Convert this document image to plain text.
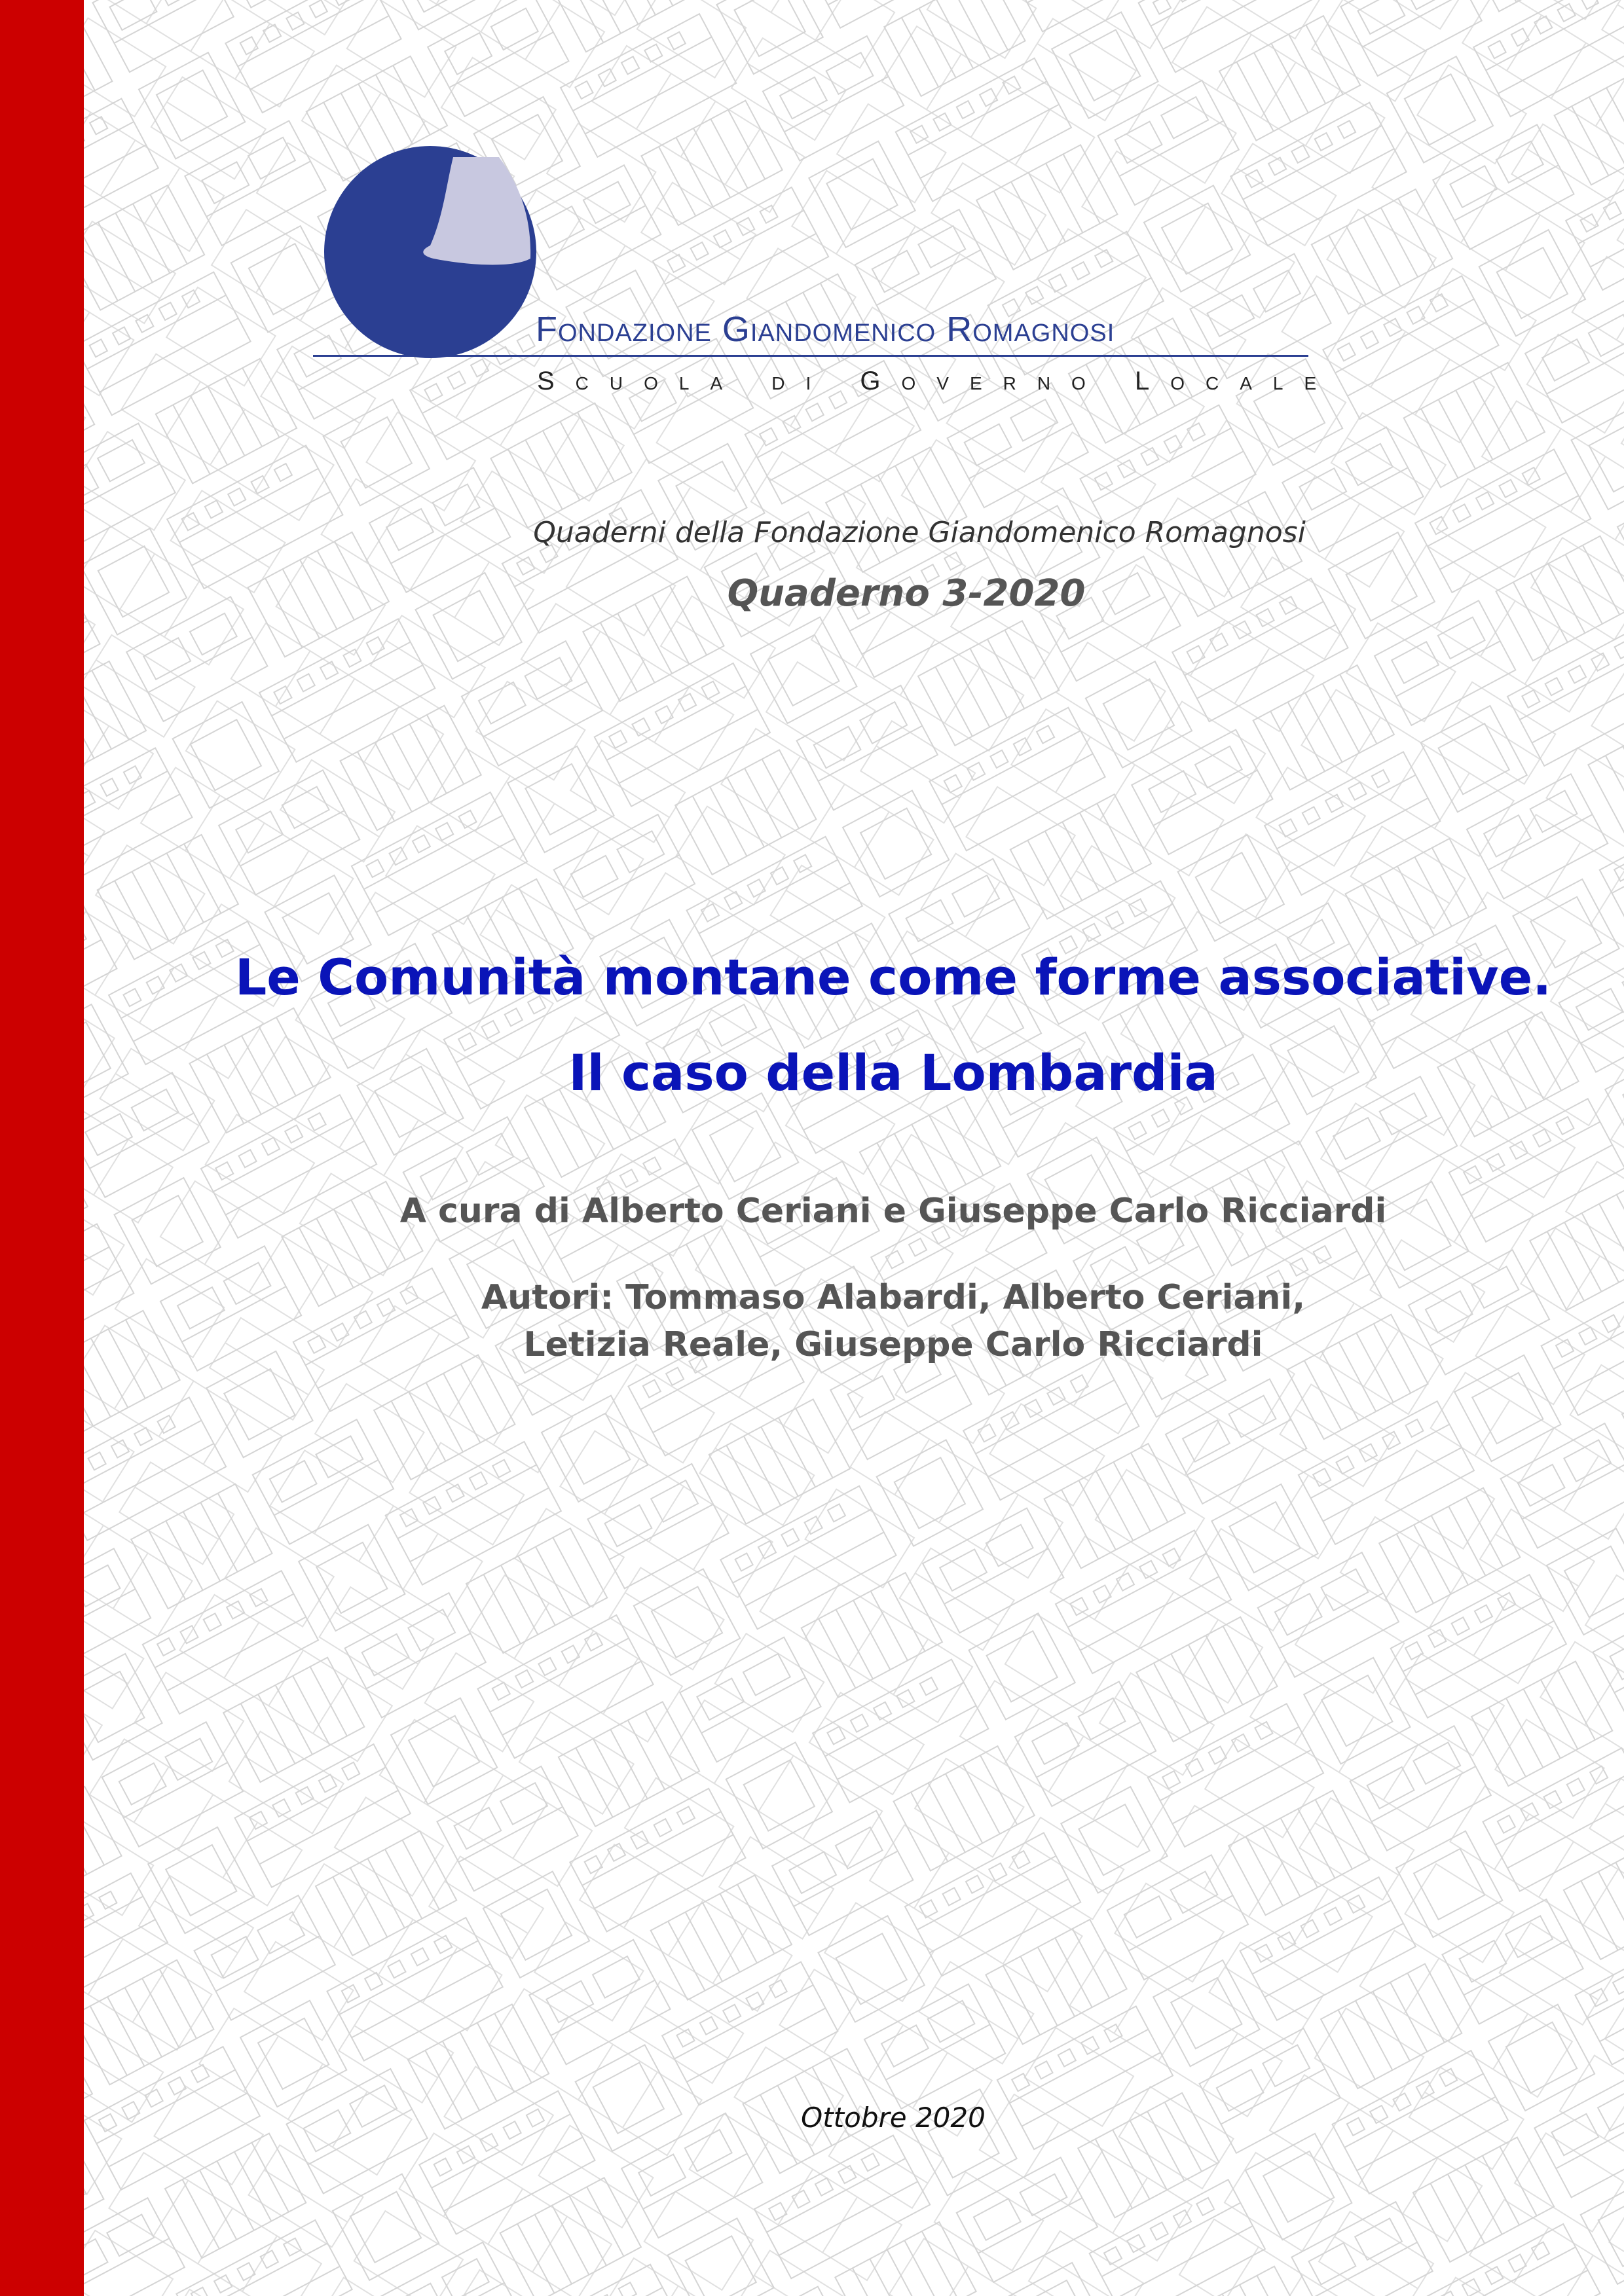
Fondazione Giandomenico Romagnosi
Scuola di Governo Locale
Quaderni della Fondazione Giandomenico Romagnosi
Quaderno 3-2020
Le Comunità montane come forme associative.
Il caso della Lombardia
A cura di Alberto Ceriani e Giuseppe Carlo Ricciardi
Autori: Tommaso Alabardi, Alberto Ceriani,
Letizia Reale, Giuseppe Carlo Ricciardi
Ottobre 2020
